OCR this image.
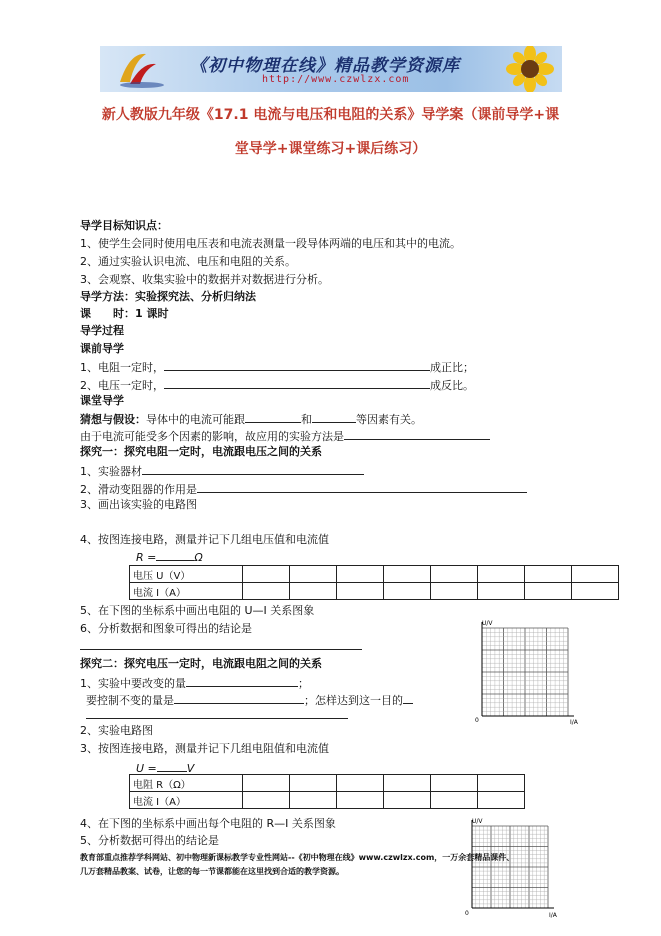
《初中物理在线》精品教学资源库
http://www.czwlzx.com
新人教版九年级《17.1 电流与电压和电阻的关系》导学案（课前导学+课
堂导学+课堂练习+课后练习）
导学目标知识点：
1、使学生会同时使用电压表和电流表测量一段导体两端的电压和其中的电流。
2、通过实验认识电流、电压和电阻的关系。
3、会观察、收集实验中的数据并对数据进行分析。
导学方法：实验探究法、分析归纳法
课　　时：1 课时
导学过程
课前导学
1、电阻一定时，	成正比；
2、电压一定时，	成反比。
课堂导学
猜想与假设：导体中的电流可能跟	和	等因素有关。
由于电流可能受多个因素的影响，故应用的实验方法是
探究一：探究电阻一定时，电流跟电压之间的关系
1、实验器材
2、滑动变阻器的作用是
3、画出该实验的电路图
4、按图连接电路，测量并记下几组电压值和电流值
R =	Ω
电压 U（V）								
电流 I（A）								
5、在下图的坐标系中画出电阻的 U—I 关系图象
6、分析数据和图象可得出的结论是	U/V
I/A
0
探究二：探究电压一定时，电流跟电阻之间的关系
1、实验中要改变的量	；
要控制不变的量是	；怎样达到这一目的
2、实验电路图
3、按图连接电路，测量并记下几组电阻值和电流值
U =	V
电阻 R（Ω）						
电流 I（A）						
4、在下图的坐标系中画出每个电阻的 R—I 关系图象
5、分析数据可得出的结论是
U/V
I/A
0
教育部重点推荐学科网站、初中物理新课标教学专业性网站--《初中物理在线》www.czwlzx.com，一万余套精品课件、
几万套精品教案、试卷，让您的每一节课都能在这里找到合适的教学资源。
